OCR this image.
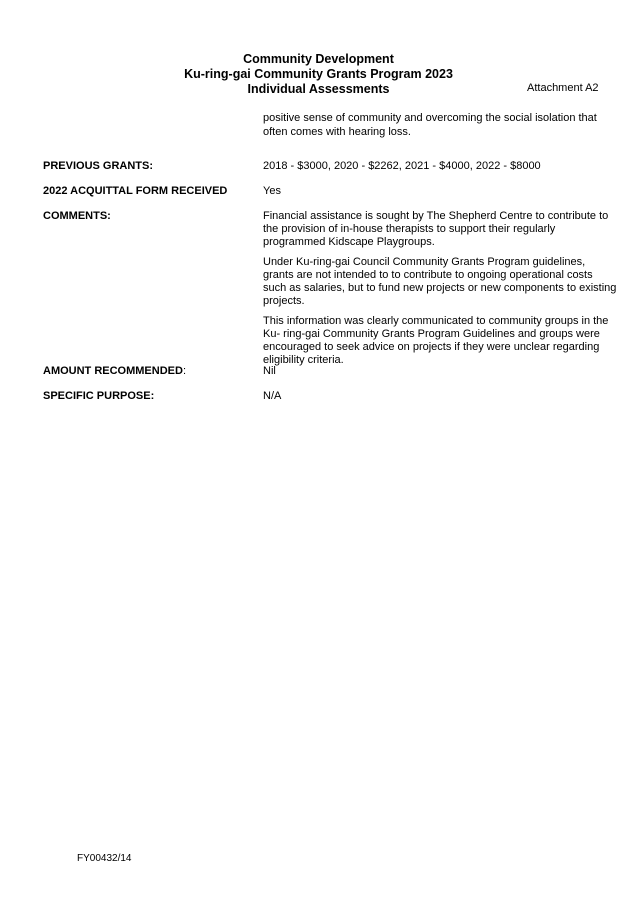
Community Development
Ku-ring-gai Community Grants Program 2023
Individual Assessments	Attachment A2
positive sense of community and overcoming the social isolation that often comes with hearing loss.
PREVIOUS GRANTS:	2018 - $3000, 2020 - $2262, 2021 - $4000, 2022 - $8000
2022 ACQUITTAL FORM RECEIVED	Yes
COMMENTS:	Financial assistance is sought by The Shepherd Centre to contribute to the provision of in-house therapists to support their regularly programmed Kidscape Playgroups.

Under Ku-ring-gai Council Community Grants Program guidelines, grants are not intended to to contribute to ongoing operational costs such as salaries, but to fund new projects or new components to existing projects.

This information was clearly communicated to community groups in the Ku- ring-gai Community Grants Program Guidelines and groups were encouraged to seek advice on projects if they were unclear regarding eligibility criteria.

AMOUNT RECOMMENDED:	Nil
SPECIFIC PURPOSE:	N/A
FY00432/14
